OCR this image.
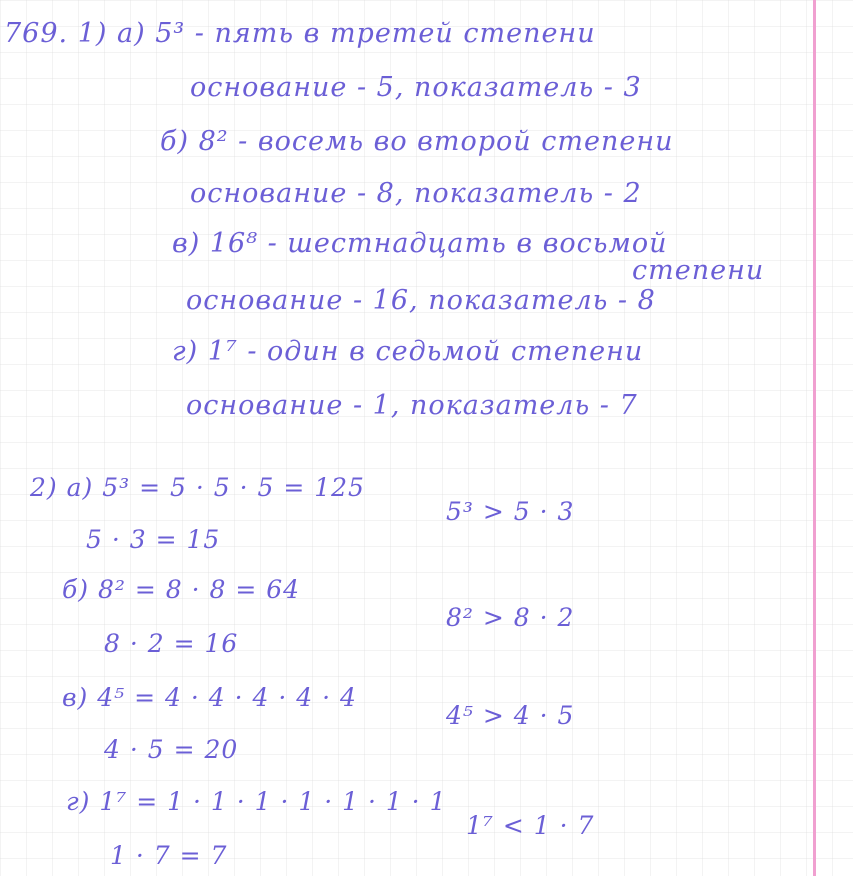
769. 1) а) 5³ - пять в третей степени
основание - 5, показатель - 3
б) 8² - восемь во второй степени
основание - 8, показатель - 2
в) 16⁸ - шестнадцать в восьмой
степени
основание - 16, показатель - 8
г) 1⁷ - один в седьмой степени
основание - 1, показатель - 7
2) а) 5³ = 5 · 5 · 5 = 125
5 · 3 = 15
5³ > 5 · 3
б) 8² = 8 · 8 = 64
8 · 2 = 16
8² > 8 · 2
в) 4⁵ = 4 · 4 · 4 · 4 · 4
4 · 5 = 20
4⁵ > 4 · 5
г) 1⁷ = 1 · 1 · 1 · 1 · 1 · 1 · 1
1 · 7 = 7
1⁷ < 1 · 7
